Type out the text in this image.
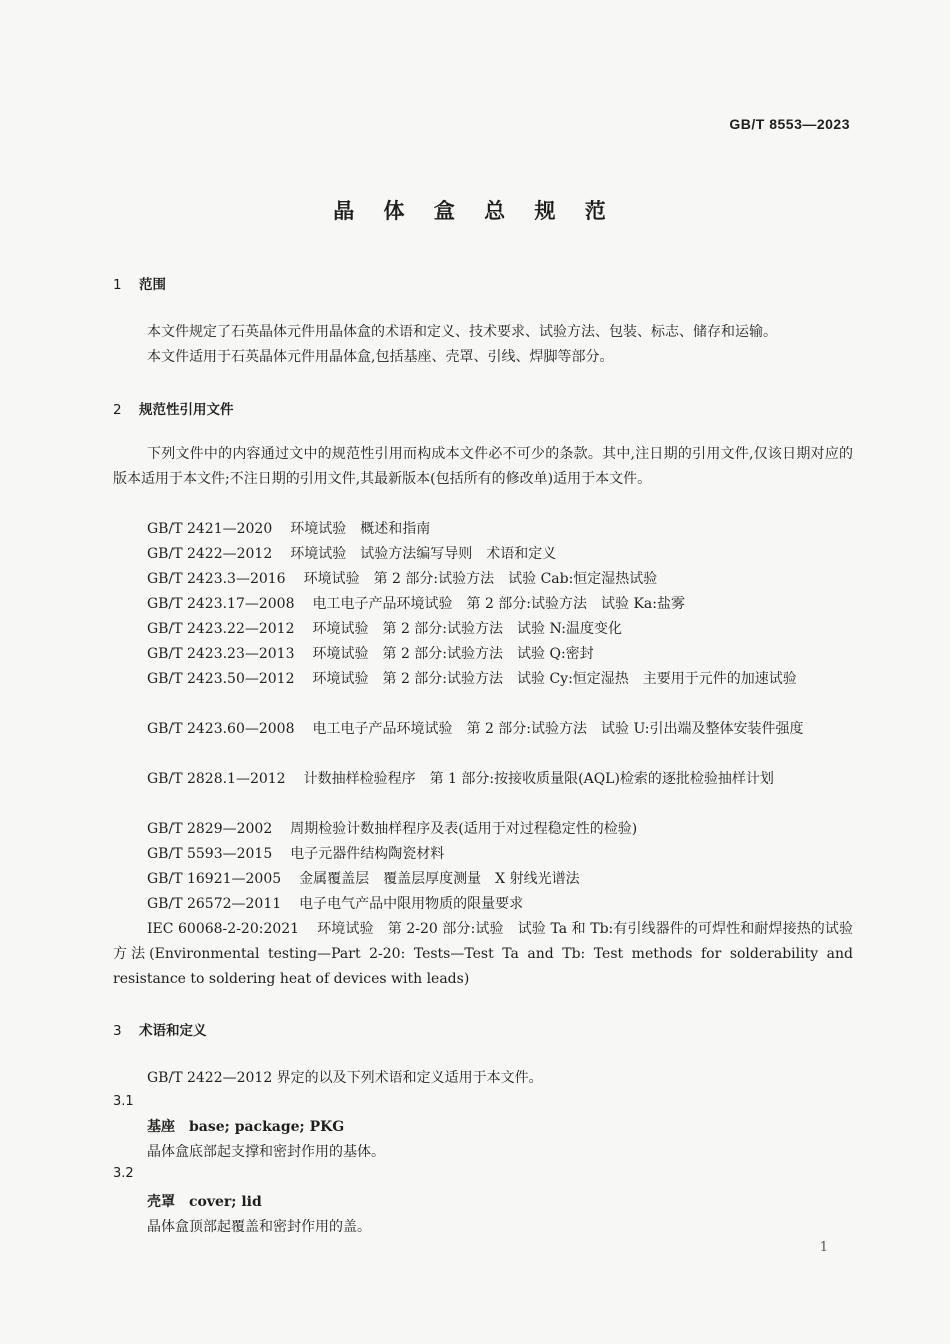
GB/T 8553—2023
晶 体 盒 总 规 范
1 范围
本文件规定了石英晶体元件用晶体盒的术语和定义、技术要求、试验方法、包装、标志、储存和运输。
本文件适用于石英晶体元件用晶体盒,包括基座、壳罩、引线、焊脚等部分。
2 规范性引用文件
下列文件中的内容通过文中的规范性引用而构成本文件必不可少的条款。其中,注日期的引用文件,仅该日期对应的版本适用于本文件;不注日期的引用文件,其最新版本(包括所有的修改单)适用于本文件。
GB/T 2421—2020 环境试验　概述和指南
GB/T 2422—2012 环境试验　试验方法编写导则　术语和定义
GB/T 2423.3—2016 环境试验　第 2 部分:试验方法　试验 Cab:恒定湿热试验
GB/T 2423.17—2008 电工电子产品环境试验　第 2 部分:试验方法　试验 Ka:盐雾
GB/T 2423.22—2012 环境试验　第 2 部分:试验方法　试验 N:温度变化
GB/T 2423.23—2013 环境试验　第 2 部分:试验方法　试验 Q:密封
GB/T 2423.50—2012 环境试验　第 2 部分:试验方法　试验 Cy:恒定湿热　主要用于元件的加速试验
GB/T 2423.60—2008 电工电子产品环境试验　第 2 部分:试验方法　试验 U:引出端及整体安装件强度
GB/T 2828.1—2012 计数抽样检验程序　第 1 部分:按接收质量限(AQL)检索的逐批检验抽样计划
GB/T 2829—2002 周期检验计数抽样程序及表(适用于对过程稳定性的检验)
GB/T 5593—2015 电子元器件结构陶瓷材料
GB/T 16921—2005 金属覆盖层　覆盖层厚度测量　X 射线光谱法
GB/T 26572—2011 电子电气产品中限用物质的限量要求
IEC 60068-2-20:2021 环境试验　第 2-20 部分:试验　试验 Ta 和 Tb:有引线器件的可焊性和耐焊接热的试验方法(Environmental testing—Part 2-20: Tests—Test Ta and Tb: Test methods for solderability and resistance to soldering heat of devices with leads)
3 术语和定义
GB/T 2422—2012 界定的以及下列术语和定义适用于本文件。
3.1
基座 base; package; PKG
晶体盒底部起支撑和密封作用的基体。
3.2
壳罩 cover; lid
晶体盒顶部起覆盖和密封作用的盖。
1
